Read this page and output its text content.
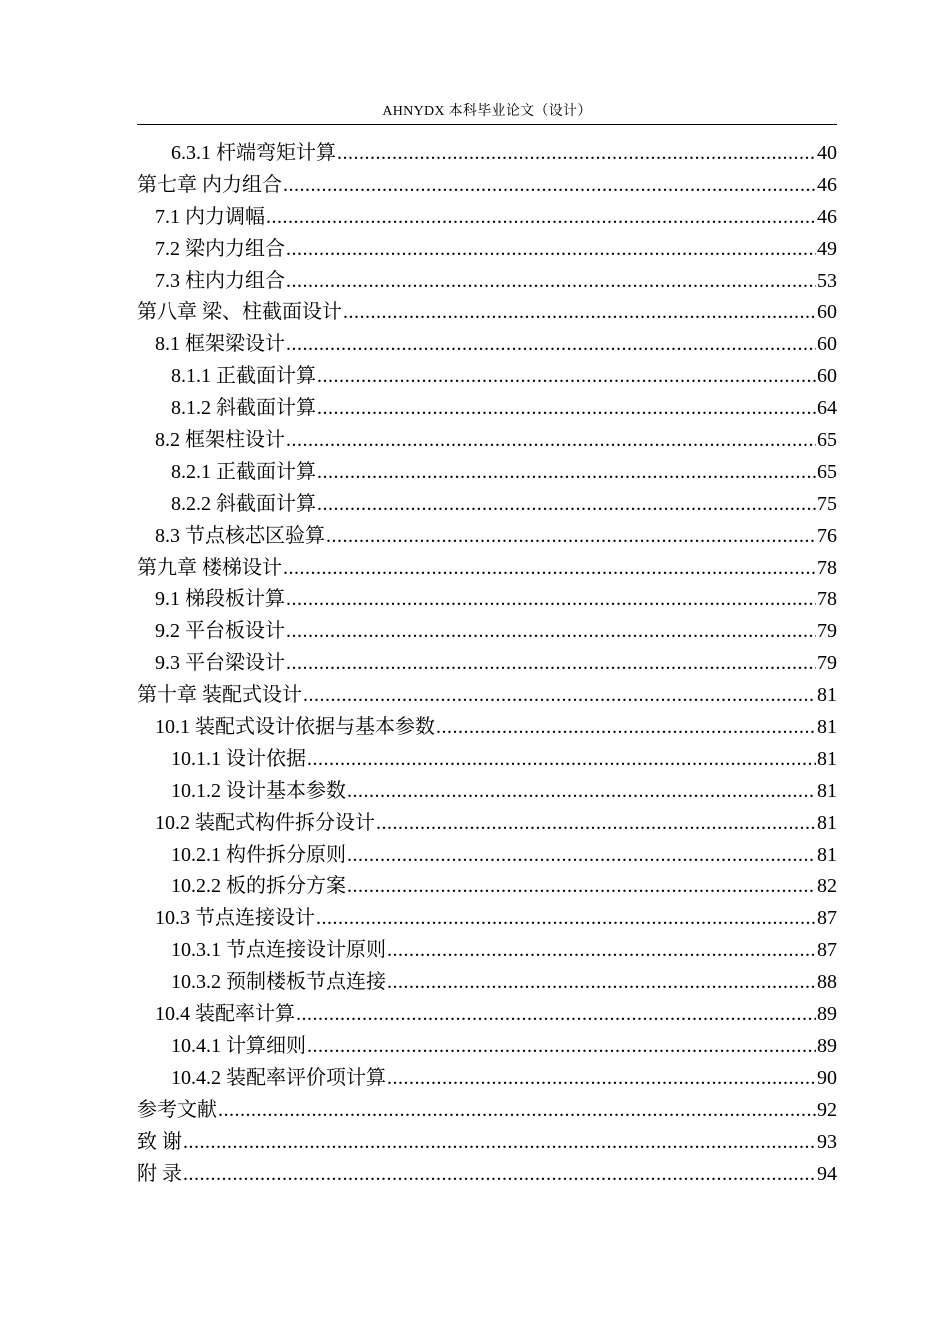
AHNYDX 本科毕业论文（设计）
6.3.1 杆端弯矩计算 .....	40
第七章 内力组合 .....	46
7.1 内力调幅 .....	46
7.2 梁内力组合 .....	49
7.3 柱内力组合 .....	53
第八章 梁、柱截面设计 .....	60
8.1 框架梁设计 .....	60
8.1.1 正截面计算 .....	60
8.1.2 斜截面计算 .....	64
8.2 框架柱设计 .....	65
8.2.1 正截面计算 .....	65
8.2.2 斜截面计算 .....	75
8.3 节点核芯区验算 .....	76
第九章 楼梯设计 .....	78
9.1 梯段板计算 .....	78
9.2 平台板设计 .....	79
9.3 平台梁设计 .....	79
第十章 装配式设计 .....	81
10.1 装配式设计依据与基本参数 .....	81
10.1.1 设计依据 .....	81
10.1.2 设计基本参数 .....	81
10.2 装配式构件拆分设计 .....	81
10.2.1 构件拆分原则 .....	81
10.2.2 板的拆分方案 .....	82
10.3 节点连接设计 .....	87
10.3.1 节点连接设计原则 .....	87
10.3.2 预制楼板节点连接 .....	88
10.4 装配率计算 .....	89
10.4.1 计算细则 .....	89
10.4.2 装配率评价项计算 .....	90
参考文献 .....	92
致 谢 .....	93
附 录 .....	94
